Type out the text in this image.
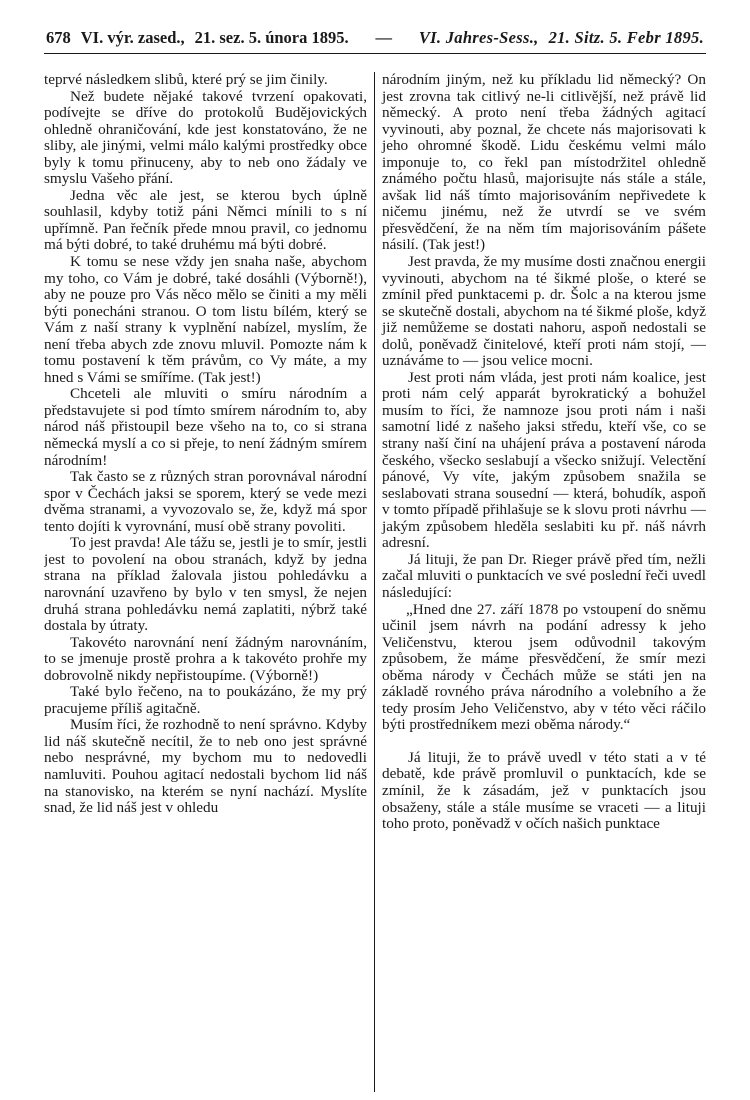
678 VI. výr. zased., 21. sez. 5. února 1895. — VI. Jahres-Sess., 21. Sitz. 5. Febr 1895.

teprvé následkem slibů, které prý se jim činily.

Než budete nějaké takové tvrzení opakovati, podívejte se dříve do protokolů Budějovických ohledně ohraničování, kde jest konstatováno, že ne sliby, ale jinými, velmi málo kalými prostředky obce byly k tomu přinuceny, aby to neb ono žádaly ve smyslu Vašeho přání.

Jedna věc ale jest, se kterou bych úplně souhlasil, kdyby totiž páni Němci mínili to s ní upřímně. Pan řečník přede mnou pravil, co jednomu má býti dobré, to také druhému má býti dobré.

K tomu se nese vždy jen snaha naše, abychom my toho, co Vám je dobré, také dosáhli (Výborně!), aby ne pouze pro Vás něco mělo se činiti a my měli býti ponecháni stranou. O tom listu bílém, který se Vám z naší strany k vyplnění nabízel, myslím, že není třeba abych zde znovu mluvil. Pomozte nám k tomu postavení k těm právům, co Vy máte, a my hned s Vámi se smíříme. (Tak jest!)

Chceteli ale mluviti o smíru národním a představujete si pod tímto smírem národním to, aby národ náš přistoupil beze všeho na to, co si strana německá myslí a co si přeje, to není žádným smírem národním!

Tak často se z různých stran porovnával národní spor v Čechách jaksi se sporem, který se vede mezi dvěma stranami, a vyvozovalo se, že, když má spor tento dojíti k vyrovnání, musí obě strany povoliti.

To jest pravda! Ale tážu se, jestli je to smír, jestli jest to povolení na obou stranách, když by jedna strana na příklad žalovala jistou pohledávku a narovnání uzavřeno by bylo v ten smysl, že nejen druhá strana pohledávku nemá zaplatiti, nýbrž také dostala by útraty.

Takovéto narovnání není žádným narovnáním, to se jmenuje prostě prohra a k takovéto prohře my dobrovolně nikdy nepřistoupíme. (Výborně!)

Také bylo řečeno, na to poukázáno, že my prý pracujeme příliš agitačně.

Musím říci, že rozhodně to není správno. Kdyby lid náš skutečně necítil, že to neb ono jest správné nebo nesprávné, my bychom mu to nedovedli namluviti. Pouhou agitací nedostali bychom lid náš na stanovisko, na kterém se nyní nachází. Myslíte snad, že lid náš jest v ohledu

národním jiným, než ku příkladu lid německý? On jest zrovna tak citlivý ne-li citlivější, než právě lid německý. A proto není třeba žádných agitací vyvinouti, aby poznal, že chcete nás majorisovati k jeho ohromné škodě. Lidu českému velmi málo imponuje to, co řekl pan místodržitel ohledně známého počtu hlasů, majorisujte nás stále a stále, avšak lid náš tímto majorisováním nepřivedete k ničemu jinému, než že utvrdí se ve svém přesvědčení, že na něm tím majorisováním pášete násilí. (Tak jest!)

Jest pravda, že my musíme dosti značnou energii vyvinouti, abychom na té šikmé ploše, o které se zmínil před punktacemi p. dr. Šolc a na kterou jsme se skutečně dostali, abychom na té šikmé ploše, když již nemůžeme se dostati nahoru, aspoň nedostali se dolů, poněvadž činitelové, kteří proti nám stojí, — uznáváme to — jsou velice mocni.

Jest proti nám vláda, jest proti nám koalice, jest proti nám celý apparát byrokratický a bohužel musím to říci, že namnoze jsou proti nám i naši samotní lidé z našeho jaksi středu, kteří vše, co se strany naší činí na uhájení práva a postavení národa českého, všecko seslabují a všecko snižují. Velectění pánové, Vy víte, jakým způsobem snažila se seslabovati strana sousední — která, bohudík, aspoň v tomto případě přihlašuje se k slovu proti návrhu — jakým způsobem hleděla seslabiti ku př. náš návrh adresní.

Já lituji, že pan Dr. Rieger právě před tím, nežli začal mluviti o punktacích ve své poslední řeči uvedl následující:

„Hned dne 27. září 1878 po vstoupení do sněmu učinil jsem návrh na podání adressy k jeho Veličenstvu, kterou jsem odůvodnil takovým způsobem, že máme přesvědčení, že smír mezi oběma národy v Čechách může se státi jen na základě rovného práva národního a volebního a že tedy prosím Jeho Veličenstvo, aby v této věci ráčilo býti prostředníkem mezi oběma národy.“

Já lituji, že to právě uvedl v této stati a v té debatě, kde právě promluvil o punktacích, kde se zmínil, že k zásadám, jež v punktacích jsou obsaženy, stále a stále musíme se vraceti — a lituji toho proto, poněvadž v očích našich punktace
